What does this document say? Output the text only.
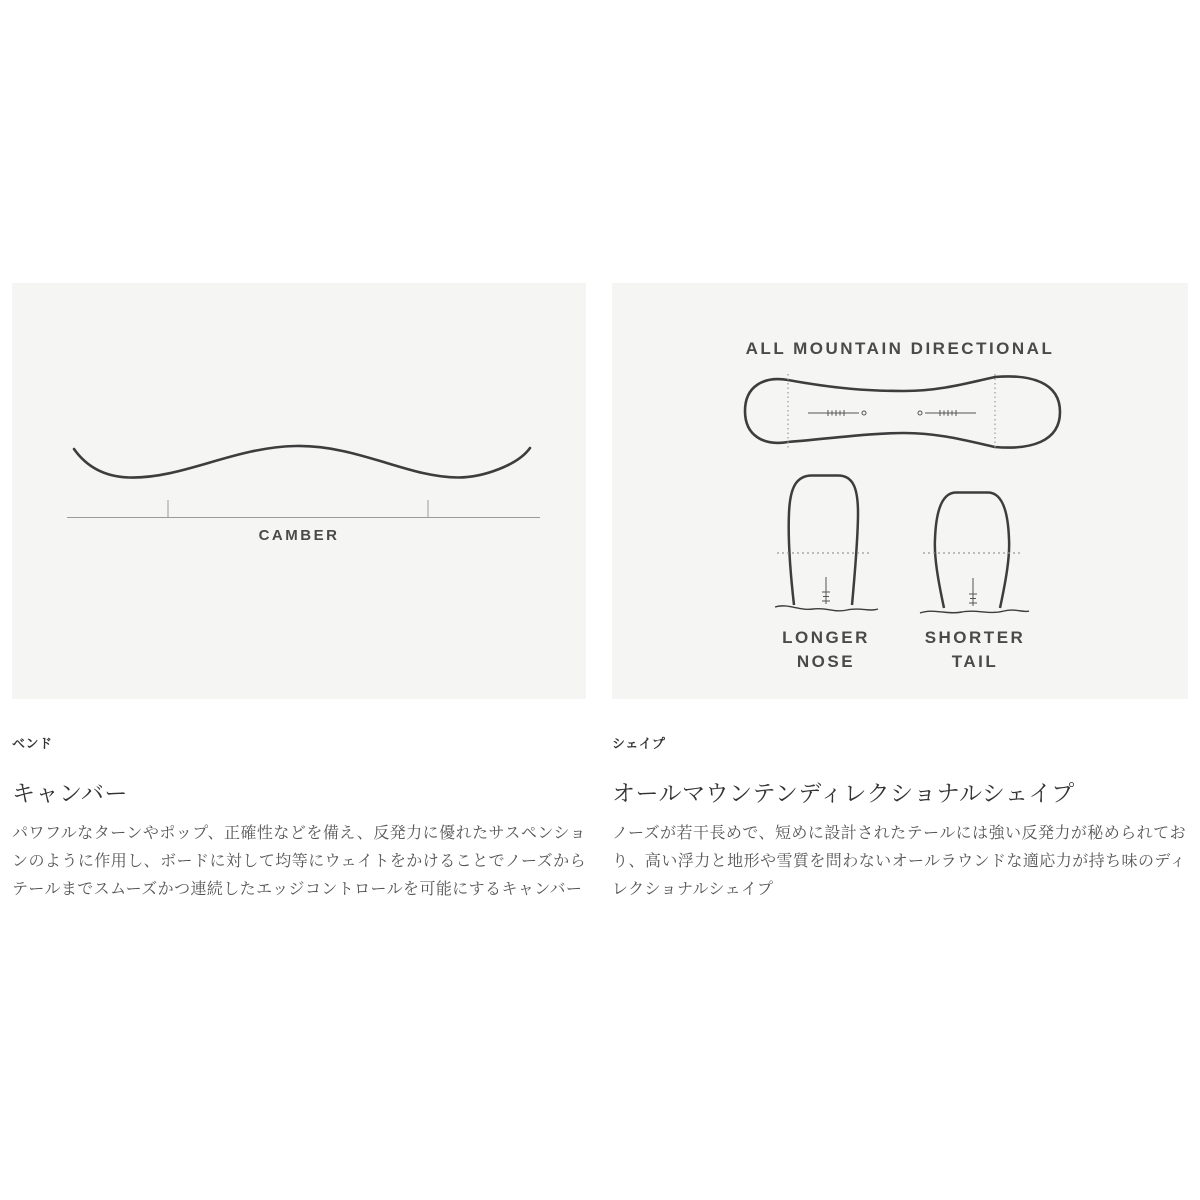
CAMBER
ALL MOUNTAIN DIRECTIONAL
LONGER
NOSE
SHORTER
TAIL
ベンド
キャンバー

パワフルなターンやポップ、正確性などを備え、反発力に優れたサスペンションのように作用し、ボードに対して均等にウェイトをかけることでノーズからテールまでスムーズかつ連続したエッジコントロールを可能にするキャンバー

シェイプ
オールマウンテンディレクショナルシェイプ

ノーズが若干長めで、短めに設計されたテールには強い反発力が秘められており、高い浮力と地形や雪質を問わないオールラウンドな適応力が持ち味のディレクショナルシェイプ
